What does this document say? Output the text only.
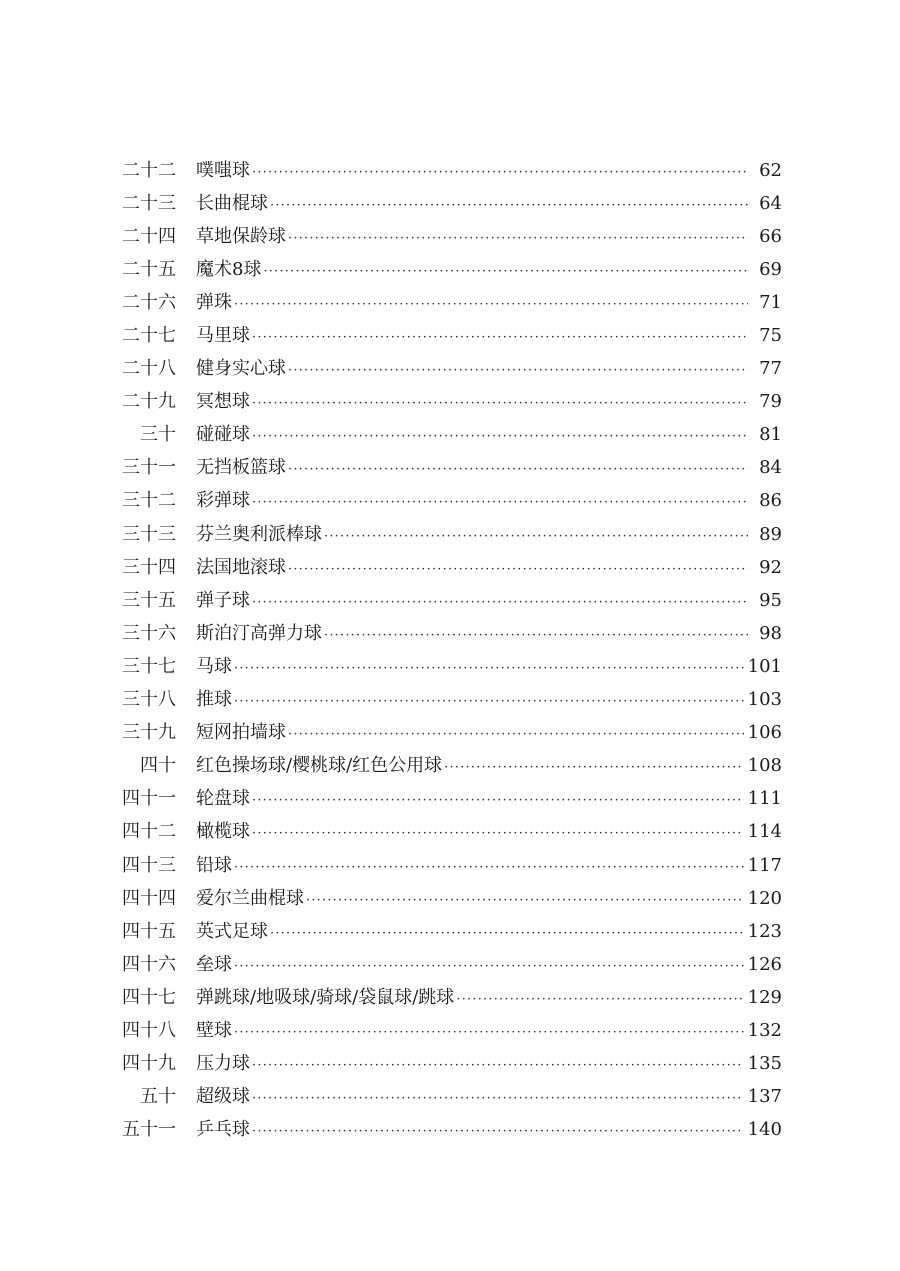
二十二 噗嗤球 ·····	62
二十三 长曲棍球 ·····	64
二十四 草地保龄球 ·····	66
二十五 魔术8球 ·····	69
二十六 弹珠 ·····	71
二十七 马里球 ·····	75
二十八 健身实心球 ·····	77
二十九 冥想球 ·····	79
三十 碰碰球 ·····	81
三十一 无挡板篮球 ·····	84
三十二 彩弹球 ·····	86
三十三 芬兰奥利派棒球 ·····	89
三十四 法国地滚球 ·····	92
三十五 弹子球 ·····	95
三十六 斯泊汀高弹力球 ·····	98
三十七 马球 ·····	101
三十八 推球 ·····	103
三十九 短网拍墙球 ·····	106
四十 红色操场球/樱桃球/红色公用球 ·····	108
四十一 轮盘球 ·····	111
四十二 橄榄球 ·····	114
四十三 铅球 ·····	117
四十四 爱尔兰曲棍球 ·····	120
四十五 英式足球 ·····	123
四十六 垒球 ·····	126
四十七 弹跳球/地吸球/骑球/袋鼠球/跳球 ·····	129
四十八 壁球 ·····	132
四十九 压力球 ·····	135
五十 超级球 ·····	137
五十一 乒乓球 ·····	140
